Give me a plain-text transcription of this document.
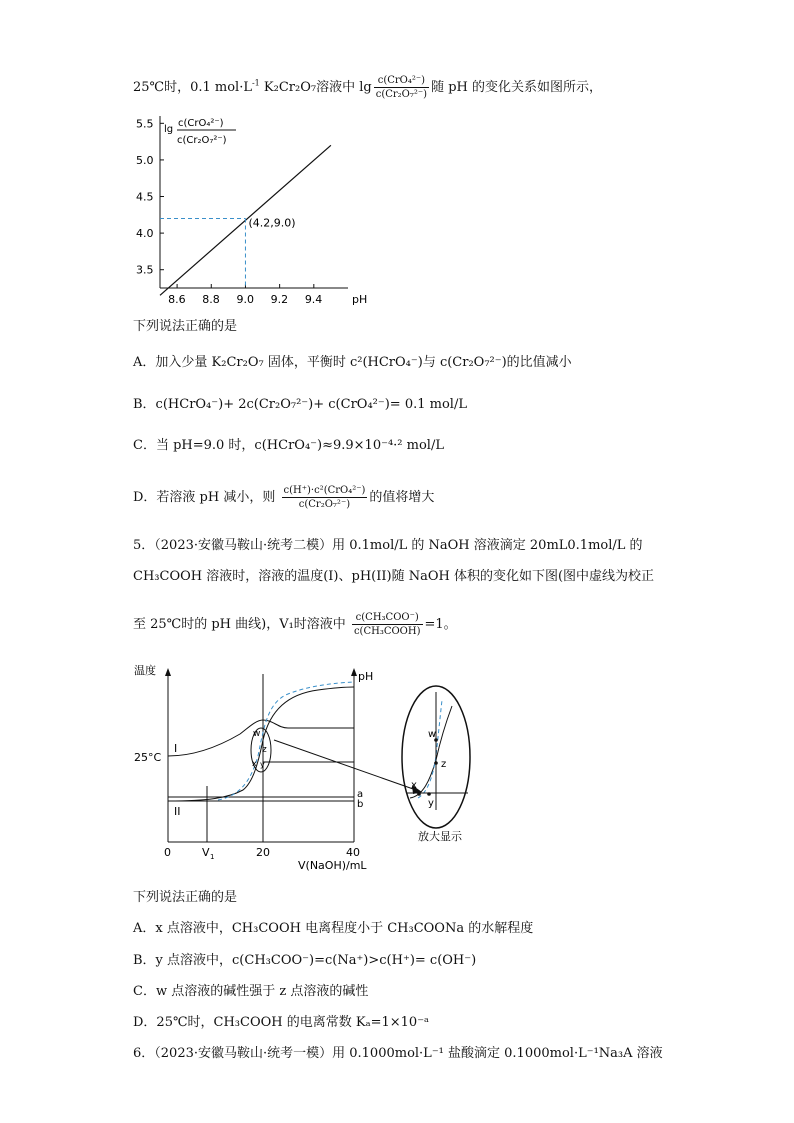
25℃时，0.1 $mol\cdot L^{-1}$ K₂Cr₂O₇溶液中 $\lg \frac{\text{c(CrO₄²⁻)}}{\text{c(Cr₂O₇²⁻)}}$ 随 pH 的变化关系如图所示，
3.5
4.0
4.5
5.0
5.5
8.6 8.8 9.0 9.2 9.4	pH
lg
c(CrO₄²⁻)
c(Cr₂O₇²⁻)
(4.2,9.0)
下列说法正确的是
A．加入少量 K₂Cr₂O₇ 固体，平衡时 c²(HCrO₄⁻)与 c(Cr₂O₇²⁻)的比值减小
B．c(HCrO₄⁻)+ 2c(Cr₂O₇²⁻)+ c(CrO₄²⁻)= 0.1 mol/L
C．当 pH=9.0 时，c(HCrO₄⁻)≈9.9×10⁻⁴·² mol/L
D．若溶液 pH 减小，则 $\frac{\text{c(H⁺)·c²(CrO₄²⁻)}}{\text{c(Cr₂O₇²⁻)}}$ 的值将增大
5．（2023·安徽马鞍山·统考二模）用 0.1mol/L 的 NaOH 溶液滴定 20mL0.1mol/L 的
CH₃COOH 溶液时，溶液的温度(I)、pH(II)随 NaOH 体积的变化如下图(图中虚线为校正
至 25℃时的 pH 曲线)，V₁时溶液中 $\frac{\text{c(CH₃COO⁻)}}{\text{c(CH₃COOH)}} =1$。
温度	pH
25°C
a
b
I
II
w
z
x y
w
z
x
y
放大显示
0	V 1	20	40
V(NaOH)/mL
下列说法正确的是
A．x 点溶液中，CH₃COOH 电离程度小于 CH₃COONa 的水解程度
B．y 点溶液中，c(CH₃COO⁻)=c(Na⁺)>c(H⁺)= c(OH⁻)
C．w 点溶液的碱性强于 z 点溶液的碱性
D．25℃时，CH₃COOH 的电离常数 Kₐ=1×10⁻ᵃ
6．（2023·安徽马鞍山·统考一模）用 0.1000mol·L⁻¹ 盐酸滴定 0.1000mol·L⁻¹Na₃A 溶液
